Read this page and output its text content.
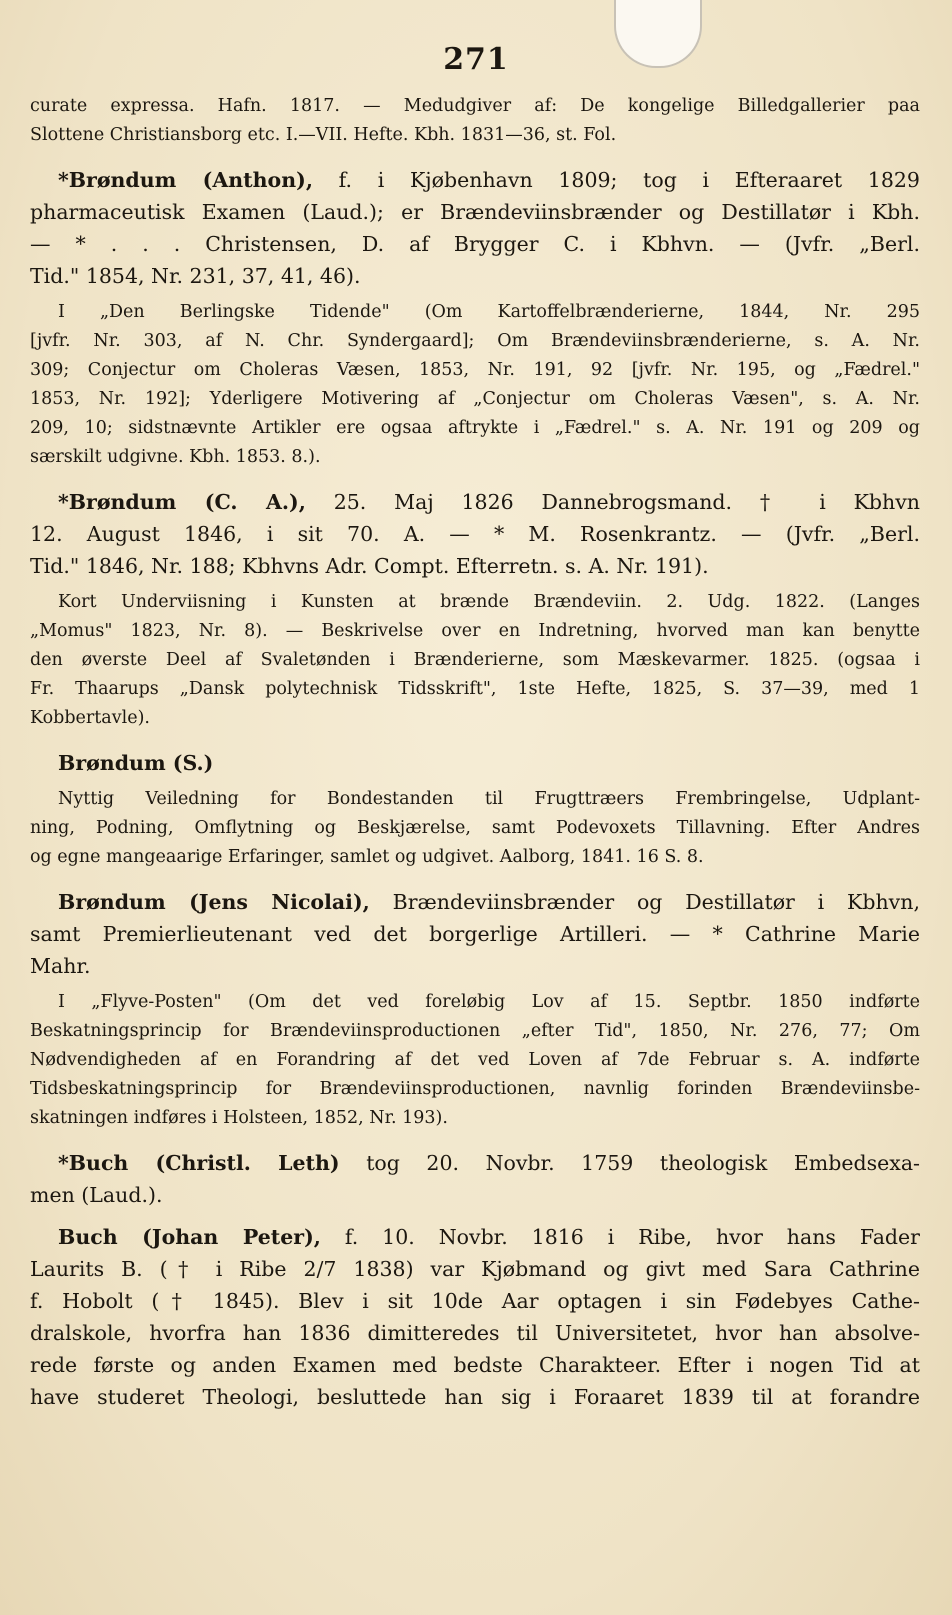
271
curate expressa. Hafn. 1817. — Medudgiver af: De kongelige Billedgallerier paa
Slottene Christiansborg etc. I.—VII. Hefte. Kbh. 1831—36, st. Fol.
*Brøndum (Anthon), f. i Kjøbenhavn 1809; tog i Efteraaret 1829
pharmaceutisk Examen (Laud.); er Brændeviinsbrænder og Destillatør i Kbh.
— * . . . Christensen, D. af Brygger C. i Kbhvn. — (Jvfr. „Berl.
Tid." 1854, Nr. 231, 37, 41, 46).
I „Den Berlingske Tidende" (Om Kartoffelbrænderierne, 1844, Nr. 295
[jvfr. Nr. 303, af N. Chr. Syndergaard]; Om Brændeviinsbrænderierne, s. A. Nr.
309; Conjectur om Choleras Væsen, 1853, Nr. 191, 92 [jvfr. Nr. 195, og „Fædrel."
1853, Nr. 192]; Yderligere Motivering af „Conjectur om Choleras Væsen", s. A. Nr.
209, 10; sidstnævnte Artikler ere ogsaa aftrykte i „Fædrel." s. A. Nr. 191 og 209 og
særskilt udgivne. Kbh. 1853. 8.).
*Brøndum (C. A.), 25. Maj 1826 Dannebrogsmand. † i Kbhvn
12. August 1846, i sit 70. A. — * M. Rosenkrantz. — (Jvfr. „Berl.
Tid." 1846, Nr. 188; Kbhvns Adr. Compt. Efterretn. s. A. Nr. 191).
Kort Underviisning i Kunsten at brænde Brændeviin. 2. Udg. 1822. (Langes
„Momus" 1823, Nr. 8). — Beskrivelse over en Indretning, hvorved man kan benytte
den øverste Deel af Svaletønden i Brænderierne, som Mæskevarmer. 1825. (ogsaa i
Fr. Thaarups „Dansk polytechnisk Tidsskrift", 1ste Hefte, 1825, S. 37—39, med 1
Kobbertavle).
Brøndum (S.)
Nyttig Veiledning for Bondestanden til Frugttræers Frembringelse, Udplant-
ning, Podning, Omflytning og Beskjærelse, samt Podevoxets Tillavning. Efter Andres
og egne mangeaarige Erfaringer, samlet og udgivet. Aalborg, 1841. 16 S. 8.
Brøndum (Jens Nicolai), Brændeviinsbrænder og Destillatør i Kbhvn,
samt Premierlieutenant ved det borgerlige Artilleri. — * Cathrine Marie
Mahr.
I „Flyve-Posten" (Om det ved foreløbig Lov af 15. Septbr. 1850 indførte
Beskatningsprincip for Brændeviinsproductionen „efter Tid", 1850, Nr. 276, 77; Om
Nødvendigheden af en Forandring af det ved Loven af 7de Februar s. A. indførte
Tidsbeskatningsprincip for Brændeviinsproductionen, navnlig forinden Brændeviinsbe-
skatningen indføres i Holsteen, 1852, Nr. 193).
*Buch (Christl. Leth) tog 20. Novbr. 1759 theologisk Embedsexa-
men (Laud.).
Buch (Johan Peter), f. 10. Novbr. 1816 i Ribe, hvor hans Fader
Laurits B. († i Ribe 2/7 1838) var Kjøbmand og givt med Sara Cathrine
f. Hobolt († 1845). Blev i sit 10de Aar optagen i sin Fødebyes Cathe-
dralskole, hvorfra han 1836 dimitteredes til Universitetet, hvor han absolve-
rede første og anden Examen med bedste Charakteer. Efter i nogen Tid at
have studeret Theologi, besluttede han sig i Foraaret 1839 til at forandre
